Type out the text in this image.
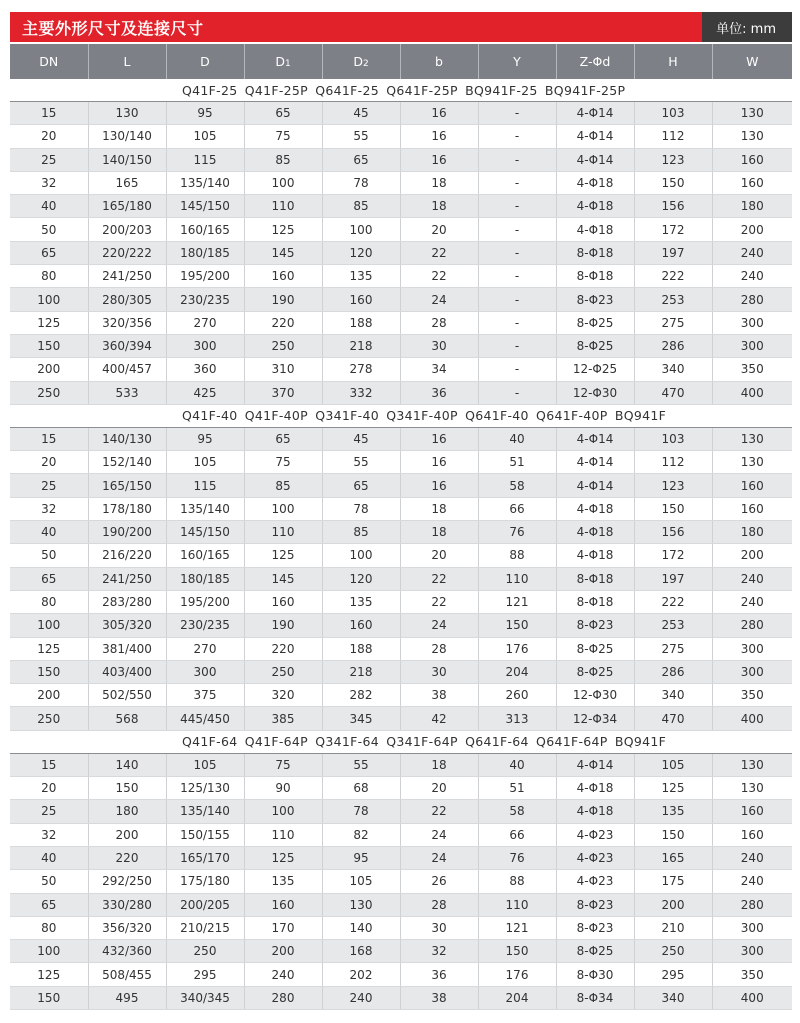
主要外形尺寸及连接尺寸	单位: mm
DN	L	D	D1	D2	b	Y	Z-Φd	H	W

Q41F-25 Q41F-25P Q641F-25 Q641F-25P BQ941F-25 BQ941F-25P									

15	130	95	65	45	16	-	4-Φ14	103	130
20	130/140	105	75	55	16	-	4-Φ14	112	130
25	140/150	115	85	65	16	-	4-Φ14	123	160
32	165	135/140	100	78	18	-	4-Φ18	150	160
40	165/180	145/150	110	85	18	-	4-Φ18	156	180
50	200/203	160/165	125	100	20	-	4-Φ18	172	200
65	220/222	180/185	145	120	22	-	8-Φ18	197	240
80	241/250	195/200	160	135	22	-	8-Φ18	222	240
100	280/305	230/235	190	160	24	-	8-Φ23	253	280
125	320/356	270	220	188	28	-	8-Φ25	275	300
150	360/394	300	250	218	30	-	8-Φ25	286	300
200	400/457	360	310	278	34	-	12-Φ25	340	350
250	533	425	370	332	36	-	12-Φ30	470	400

Q41F-40 Q41F-40P Q341F-40 Q341F-40P Q641F-40 Q641F-40P BQ941F									

15	140/130	95	65	45	16	40	4-Φ14	103	130
20	152/140	105	75	55	16	51	4-Φ14	112	130
25	165/150	115	85	65	16	58	4-Φ14	123	160
32	178/180	135/140	100	78	18	66	4-Φ18	150	160
40	190/200	145/150	110	85	18	76	4-Φ18	156	180
50	216/220	160/165	125	100	20	88	4-Φ18	172	200
65	241/250	180/185	145	120	22	110	8-Φ18	197	240
80	283/280	195/200	160	135	22	121	8-Φ18	222	240
100	305/320	230/235	190	160	24	150	8-Φ23	253	280
125	381/400	270	220	188	28	176	8-Φ25	275	300
150	403/400	300	250	218	30	204	8-Φ25	286	300
200	502/550	375	320	282	38	260	12-Φ30	340	350
250	568	445/450	385	345	42	313	12-Φ34	470	400

Q41F-64 Q41F-64P Q341F-64 Q341F-64P Q641F-64 Q641F-64P BQ941F									

15	140	105	75	55	18	40	4-Φ14	105	130
20	150	125/130	90	68	20	51	4-Φ18	125	130
25	180	135/140	100	78	22	58	4-Φ18	135	160
32	200	150/155	110	82	24	66	4-Φ23	150	160
40	220	165/170	125	95	24	76	4-Φ23	165	240
50	292/250	175/180	135	105	26	88	4-Φ23	175	240
65	330/280	200/205	160	130	28	110	8-Φ23	200	280
80	356/320	210/215	170	140	30	121	8-Φ23	210	300
100	432/360	250	200	168	32	150	8-Φ25	250	300
125	508/455	295	240	202	36	176	8-Φ30	295	350
150	495	340/345	280	240	38	204	8-Φ34	340	400
